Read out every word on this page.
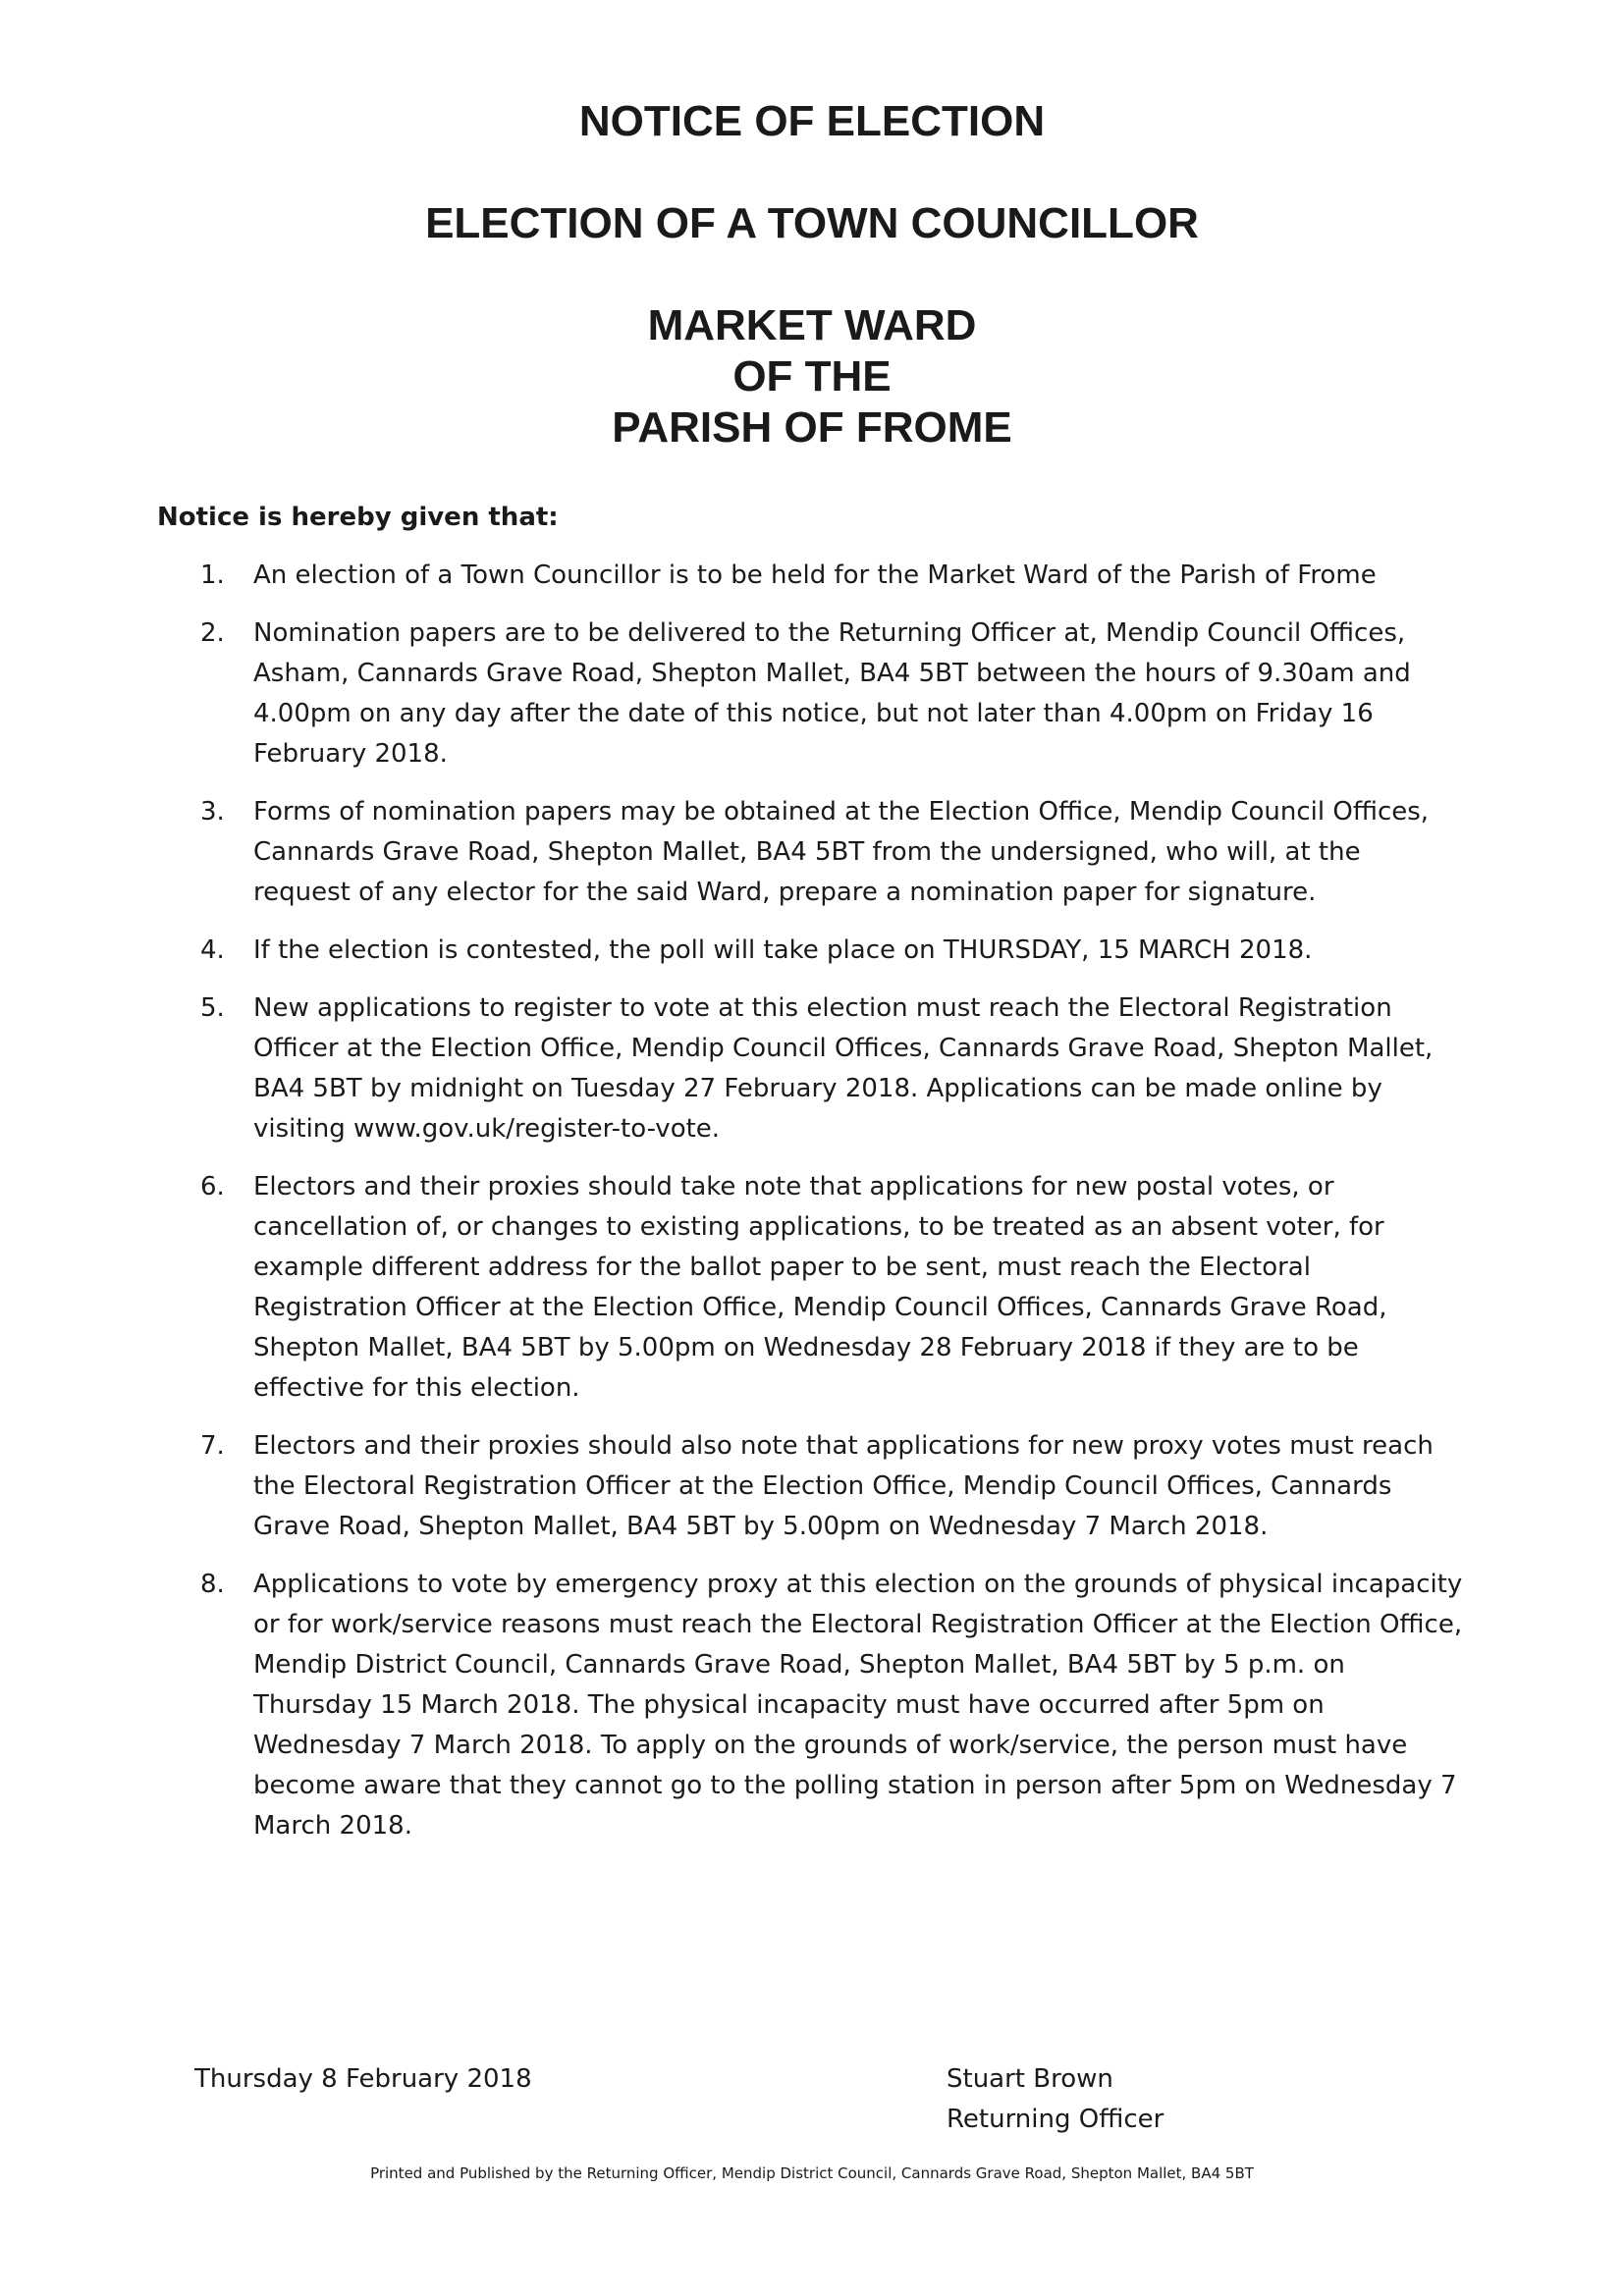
NOTICE OF ELECTION
ELECTION OF A TOWN COUNCILLOR
MARKET WARD
OF THE
PARISH OF FROME
Notice is hereby given that:
1. An election of a Town Councillor is to be held for the Market Ward of the Parish of Frome
2. Nomination papers are to be delivered to the Returning Officer at, Mendip Council Offices, Asham, Cannards Grave Road, Shepton Mallet, BA4 5BT between the hours of 9.30am and 4.00pm on any day after the date of this notice, but not later than 4.00pm on Friday 16 February 2018.
3. Forms of nomination papers may be obtained at the Election Office, Mendip Council Offices, Cannards Grave Road, Shepton Mallet, BA4 5BT from the undersigned, who will, at the request of any elector for the said Ward, prepare a nomination paper for signature.
4. If the election is contested, the poll will take place on THURSDAY, 15 MARCH 2018.
5. New applications to register to vote at this election must reach the Electoral Registration Officer at the Election Office, Mendip Council Offices, Cannards Grave Road, Shepton Mallet, BA4 5BT by midnight on Tuesday 27 February 2018. Applications can be made online by visiting www.gov.uk/register-to-vote.
6. Electors and their proxies should take note that applications for new postal votes, or cancellation of, or changes to existing applications, to be treated as an absent voter, for example different address for the ballot paper to be sent, must reach the Electoral Registration Officer at the Election Office, Mendip Council Offices, Cannards Grave Road, Shepton Mallet, BA4 5BT by 5.00pm on Wednesday 28 February 2018 if they are to be effective for this election.
7. Electors and their proxies should also note that applications for new proxy votes must reach the Electoral Registration Officer at the Election Office, Mendip Council Offices, Cannards Grave Road, Shepton Mallet, BA4 5BT by 5.00pm on Wednesday 7 March 2018.
8. Applications to vote by emergency proxy at this election on the grounds of physical incapacity or for work/service reasons must reach the Electoral Registration Officer at the Election Office, Mendip District Council, Cannards Grave Road, Shepton Mallet, BA4 5BT by 5 p.m. on Thursday 15 March 2018. The physical incapacity must have occurred after 5pm on Wednesday 7 March 2018. To apply on the grounds of work/service, the person must have become aware that they cannot go to the polling station in person after 5pm on Wednesday 7 March 2018.
Thursday 8 February 2018	Stuart Brown
Returning Officer
Printed and Published by the Returning Officer, Mendip District Council, Cannards Grave Road, Shepton Mallet, BA4 5BT
